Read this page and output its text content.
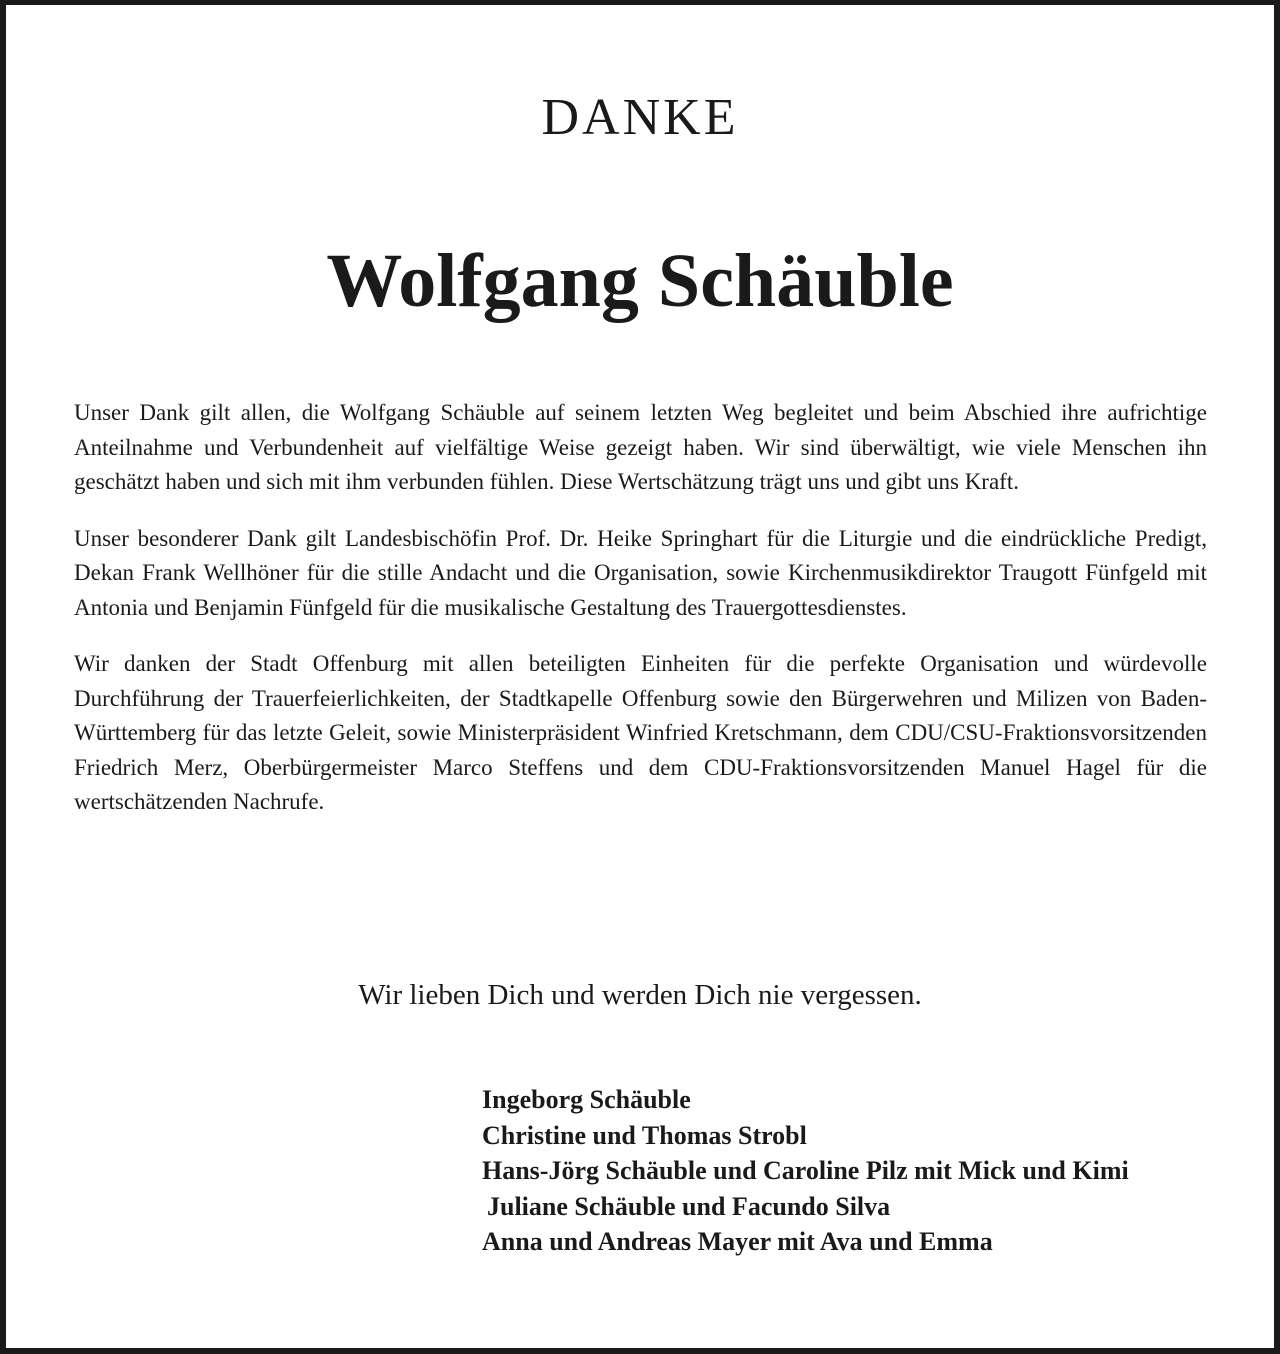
DANKE
Wolfgang Schäuble

Unser Dank gilt allen, die Wolfgang Schäuble auf seinem letzten Weg begleitet und beim Abschied ihre aufrichtige Anteilnahme und Verbundenheit auf vielfältige Weise gezeigt haben. Wir sind überwältigt, wie viele Menschen ihn geschätzt haben und sich mit ihm verbunden fühlen. Diese Wertschätzung trägt uns und gibt uns Kraft.

Unser besonderer Dank gilt Landesbischöfin Prof. Dr. Heike Springhart für die Liturgie und die eindrückliche Predigt, Dekan Frank Wellhöner für die stille Andacht und die Organisation, sowie Kirchenmusikdirektor Traugott Fünfgeld mit Antonia und Benjamin Fünfgeld für die musikalische Gestaltung des Trauergottesdienstes.

Wir danken der Stadt Offenburg mit allen beteiligten Einheiten für die perfekte Organisation und würdevolle Durchführung der Trauerfeierlichkeiten, der Stadtkapelle Offenburg sowie den Bürgerwehren und Milizen von Baden-Württemberg für das letzte Geleit, sowie Ministerpräsident Winfried Kretschmann, dem CDU/CSU-Fraktionsvorsitzenden Friedrich Merz, Oberbürgermeister Marco Steffens und dem CDU-Fraktionsvorsitzenden Manuel Hagel für die wertschätzenden Nachrufe.

Wir lieben Dich und werden Dich nie vergessen.
Ingeborg Schäuble
Christine und Thomas Strobl
Hans-Jörg Schäuble und Caroline Pilz mit Mick und Kimi
Juliane Schäuble und Facundo Silva
Anna und Andreas Mayer mit Ava und Emma
